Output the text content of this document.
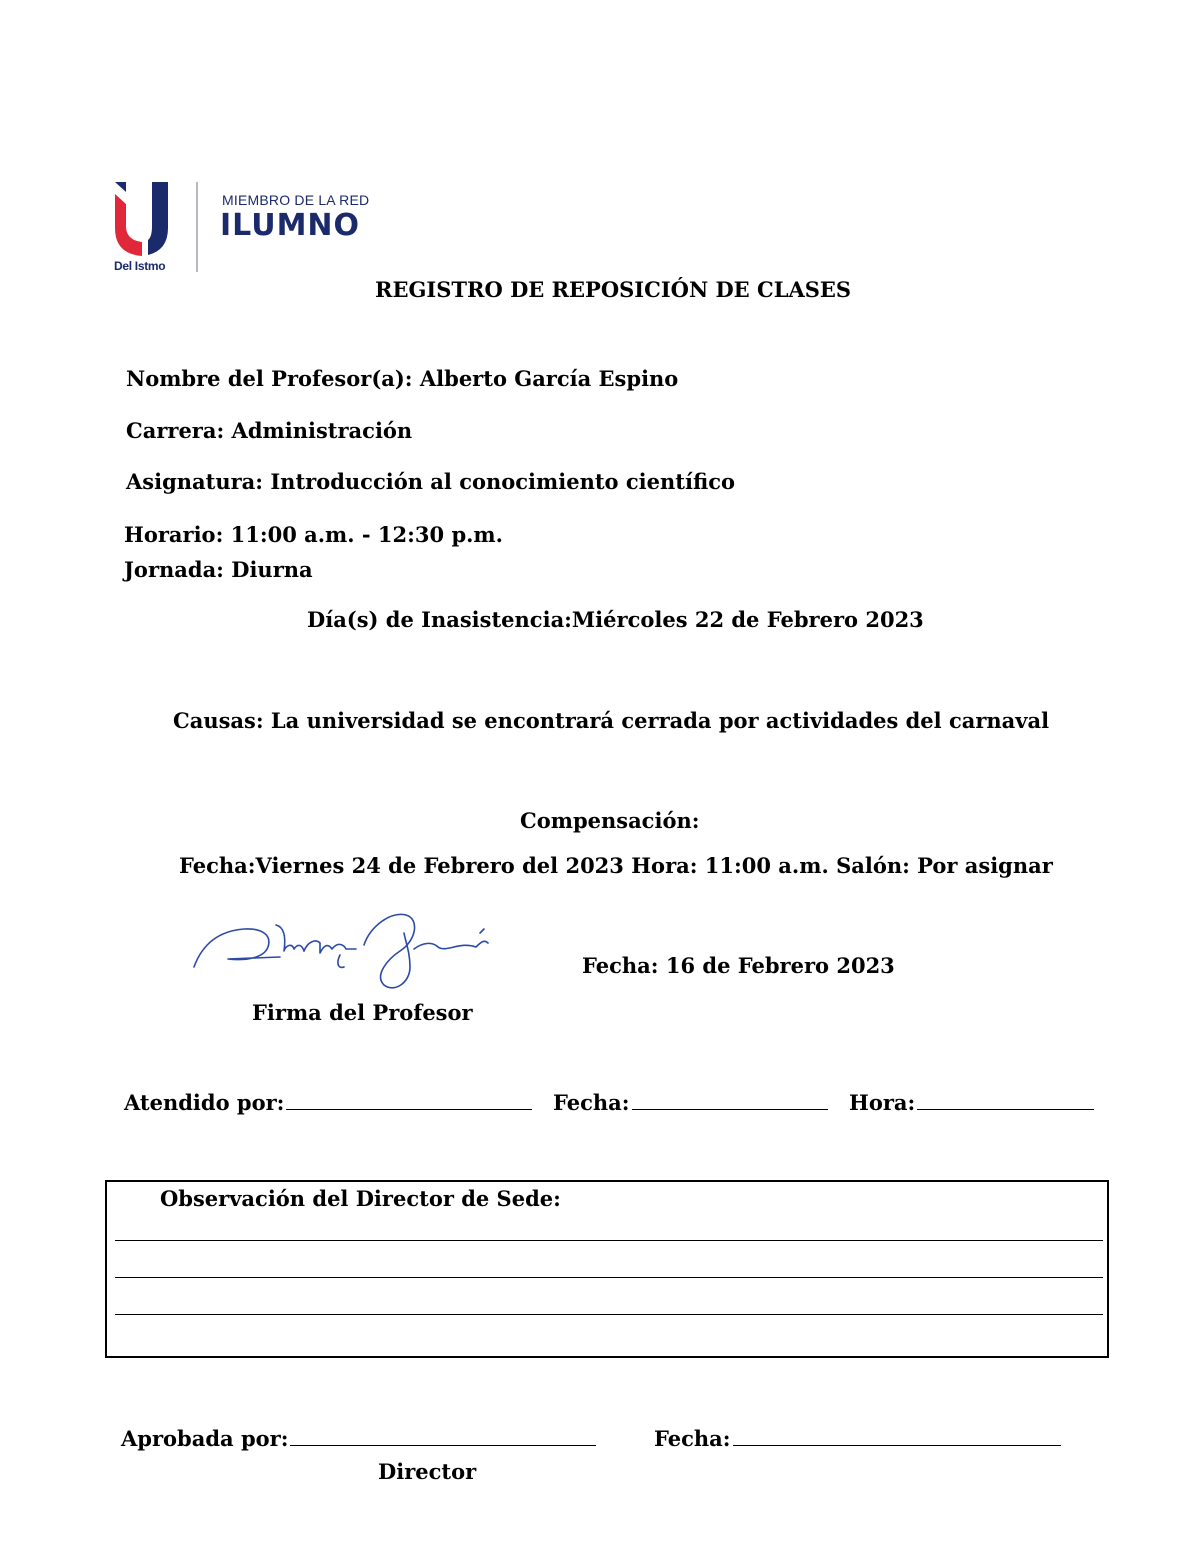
Del Istmo
MIEMBRO DE LA RED
ILUMNO
REGISTRO DE REPOSICIÓN DE CLASES
Nombre del Profesor(a): Alberto García Espino
Carrera: Administración
Asignatura: Introducción al conocimiento científico
Horario: 11:00 a.m. - 12:30 p.m.
Jornada: Diurna
Día(s) de Inasistencia:Miércoles 22 de Febrero 2023
Causas: La universidad se encontrará cerrada por actividades del carnaval
Compensación:
Fecha:Viernes 24 de Febrero del 2023 Hora: 11:00 a.m. Salón: Por asignar
Firma del Profesor
Fecha: 16 de Febrero 2023
Atendido por:	Fecha:	Hora:
Observación del Director de Sede:
Aprobada por:	Fecha:
Director
